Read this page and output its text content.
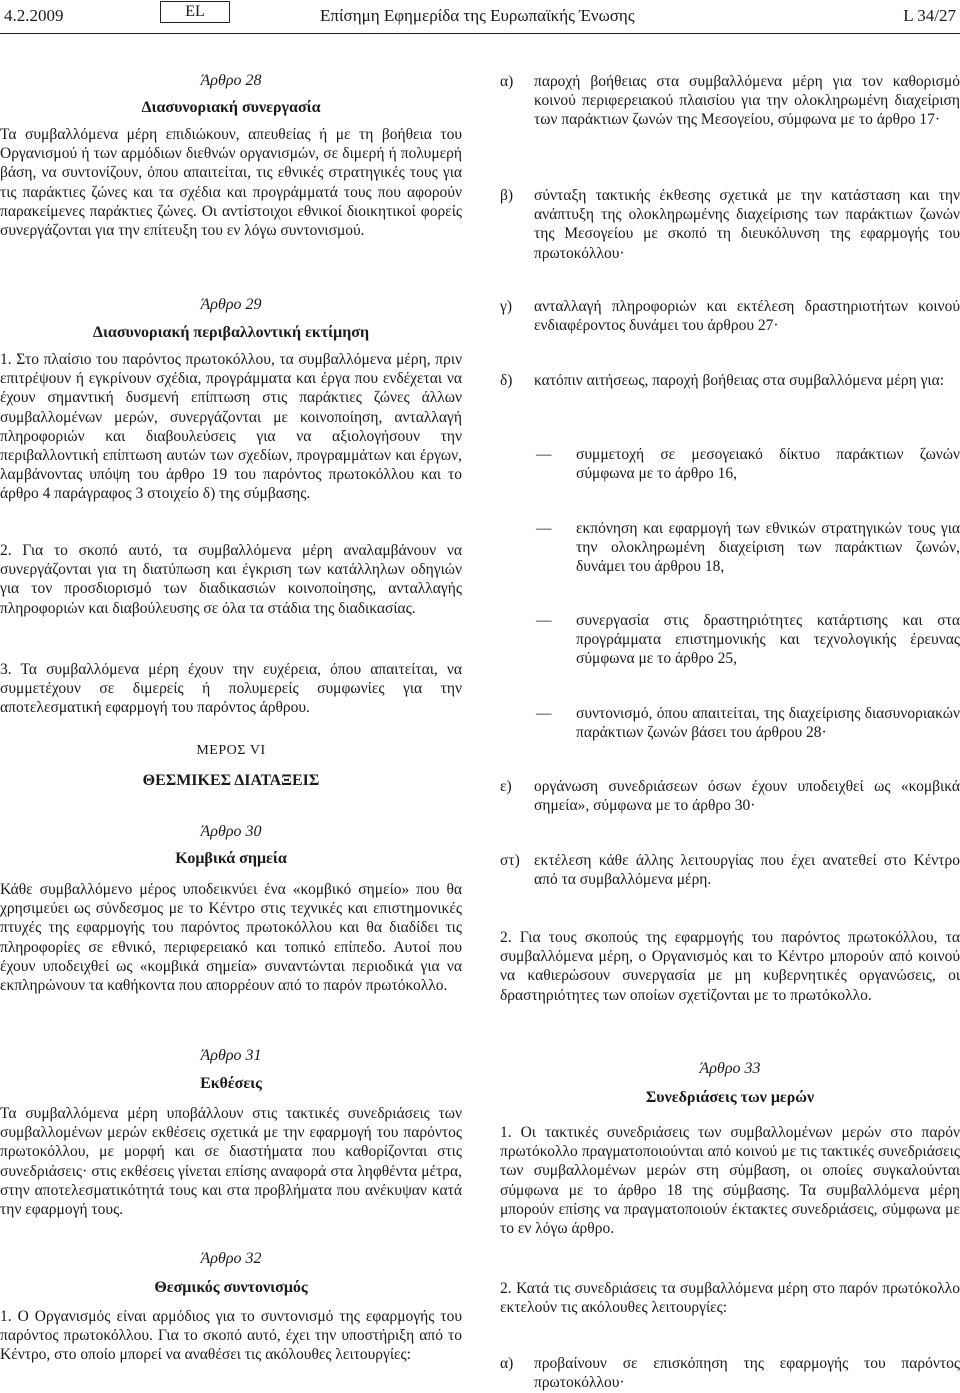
4.2.2009	EL	Επίσημη Εφημερίδα της Ευρωπαϊκής Ένωσης	L 34/27
Άρθρο 28
Διασυνοριακή συνεργασία

Τα συμβαλλόμενα μέρη επιδιώκουν, απευθείας ή με τη βοήθεια του Οργανισμού ή των αρμόδιων διεθνών οργανισμών, σε διμερή ή πολυμερή βάση, να συντονίζουν, όπου απαιτείται, τις εθνικές στρατηγικές τους για τις παράκτιες ζώνες και τα σχέδια και προγράμματά τους που αφορούν παρακείμενες παράκτιες ζώνες. Οι αντίστοιχοι εθνικοί διοικητικοί φορείς συνεργάζονται για την επίτευξη του εν λόγω συντονισμού.

Άρθρο 29
Διασυνοριακή περιβαλλοντική εκτίμηση

1. Στο πλαίσιο του παρόντος πρωτοκόλλου, τα συμβαλλόμενα μέρη, πριν επιτρέψουν ή εγκρίνουν σχέδια, προγράμματα και έργα που ενδέχεται να έχουν σημαντική δυσμενή επίπτωση στις παράκτιες ζώνες άλλων συμβαλλομένων μερών, συνεργάζονται με κοινοποίηση, ανταλλαγή πληροφοριών και διαβουλεύσεις για να αξιολογήσουν την περιβαλλοντική επίπτωση αυτών των σχεδίων, προγραμμάτων και έργων, λαμβάνοντας υπόψη του άρθρο 19 του παρόντος πρωτοκόλλου και το άρθρο 4 παράγραφος 3 στοιχείο δ) της σύμβασης.

2. Για το σκοπό αυτό, τα συμβαλλόμενα μέρη αναλαμβάνουν να συνεργάζονται για τη διατύπωση και έγκριση των κατάλληλων οδηγιών για τον προσδιορισμό των διαδικασιών κοινοποίησης, ανταλλαγής πληροφοριών και διαβούλευσης σε όλα τα στάδια της διαδικασίας.

3. Τα συμβαλλόμενα μέρη έχουν την ευχέρεια, όπου απαιτείται, να συμμετέχουν σε διμερείς ή πολυμερείς συμφωνίες για την αποτελεσματική εφαρμογή του παρόντος άρθρου.

ΜΕΡΟΣ VI
ΘΕΣΜΙΚΕΣ ΔΙΑΤΑΞΕΙΣ
Άρθρο 30
Κομβικά σημεία

Κάθε συμβαλλόμενο μέρος υποδεικνύει ένα «κομβικό σημείο» που θα χρησιμεύει ως σύνδεσμος με το Κέντρο στις τεχνικές και επιστημονικές πτυχές της εφαρμογής του παρόντος πρωτοκόλλου και θα διαδίδει τις πληροφορίες σε εθνικό, περιφερειακό και τοπικό επίπεδο. Αυτοί που έχουν υποδειχθεί ως «κομβικά σημεία» συναντώνται περιοδικά για να εκπληρώνουν τα καθήκοντα που απορρέουν από το παρόν πρωτόκολλο.

Άρθρο 31
Εκθέσεις

Τα συμβαλλόμενα μέρη υποβάλλουν στις τακτικές συνεδριάσεις των συμβαλλομένων μερών εκθέσεις σχετικά με την εφαρμογή του παρόντος πρωτοκόλλου, με μορφή και σε διαστήματα που καθορίζονται στις συνεδριάσεις· στις εκθέσεις γίνεται επίσης αναφορά στα ληφθέντα μέτρα, στην αποτελεσματικότητά τους και στα προβλήματα που ανέκυψαν κατά την εφαρμογή τους.

Άρθρο 32
Θεσμικός συντονισμός

1. Ο Οργανισμός είναι αρμόδιος για το συντονισμό της εφαρμογής του παρόντος πρωτοκόλλου. Για το σκοπό αυτό, έχει την υποστήριξη από το Κέντρο, στο οποίο μπορεί να αναθέσει τις ακόλουθες λειτουργίες:

α)	παροχή βοήθειας στα συμβαλλόμενα μέρη για τον καθορισμό κοινού περιφερειακού πλαισίου για την ολοκληρωμένη διαχείριση των παράκτιων ζωνών της Μεσογείου, σύμφωνα με το άρθρο 17·
β)	σύνταξη τακτικής έκθεσης σχετικά με την κατάσταση και την ανάπτυξη της ολοκληρωμένης διαχείρισης των παράκτιων ζωνών της Μεσογείου με σκοπό τη διευκόλυνση της εφαρμογής του πρωτοκόλλου·
γ)	ανταλλαγή πληροφοριών και εκτέλεση δραστηριοτήτων κοινού ενδιαφέροντος δυνάμει του άρθρου 27·
δ)	κατόπιν αιτήσεως, παροχή βοήθειας στα συμβαλλόμενα μέρη για:
— συμμετοχή σε μεσογειακό δίκτυο παράκτιων ζωνών σύμφωνα με το άρθρο 16,
— εκπόνηση και εφαρμογή των εθνικών στρατηγικών τους για την ολοκληρωμένη διαχείριση των παράκτιων ζωνών, δυνάμει του άρθρου 18,
— συνεργασία στις δραστηριότητες κατάρτισης και στα προγράμματα επιστημονικής και τεχνολογικής έρευνας σύμφωνα με το άρθρο 25,
— συντονισμό, όπου απαιτείται, της διαχείρισης διασυνοριακών παράκτιων ζωνών βάσει του άρθρου 28·
ε)	οργάνωση συνεδριάσεων όσων έχουν υποδειχθεί ως «κομβικά σημεία», σύμφωνα με το άρθρο 30·
στ) εκτέλεση κάθε άλλης λειτουργίας που έχει ανατεθεί στο Κέντρο από τα συμβαλλόμενα μέρη.

2. Για τους σκοπούς της εφαρμογής του παρόντος πρωτοκόλλου, τα συμβαλλόμενα μέρη, ο Οργανισμός και το Κέντρο μπορούν από κοινού να καθιερώσουν συνεργασία με μη κυβερνητικές οργανώσεις, οι δραστηριότητες των οποίων σχετίζονται με το πρωτόκολλο.

Άρθρο 33
Συνεδριάσεις των μερών

1. Οι τακτικές συνεδριάσεις των συμβαλλομένων μερών στο παρόν πρωτόκολλο πραγματοποιούνται από κοινού με τις τακτικές συνεδριάσεις των συμβαλλομένων μερών στη σύμβαση, οι οποίες συγκαλούνται σύμφωνα με το άρθρο 18 της σύμβασης. Τα συμβαλλόμενα μέρη μπορούν επίσης να πραγματοποιούν έκτακτες συνεδριάσεις, σύμφωνα με το εν λόγω άρθρο.

2. Κατά τις συνεδριάσεις τα συμβαλλόμενα μέρη στο παρόν πρωτόκολλο εκτελούν τις ακόλουθες λειτουργίες:

α)	προβαίνουν σε επισκόπηση της εφαρμογής του παρόντος πρωτοκόλλου·
